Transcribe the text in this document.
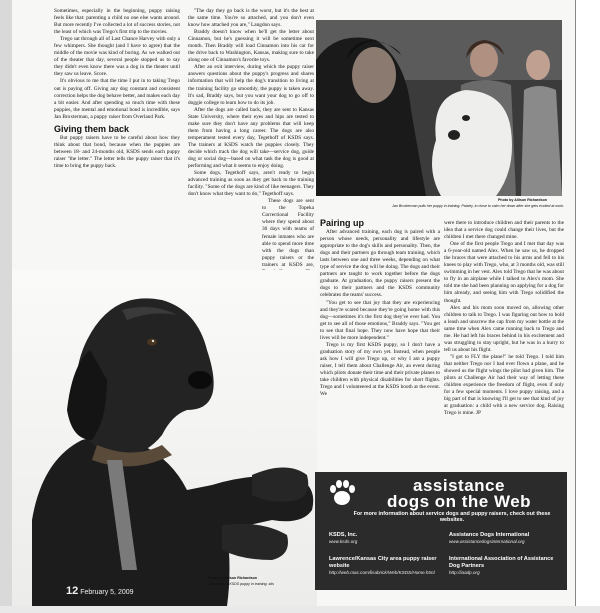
Sometimes, especially in the beginning, puppy raising feels like that: parenting a child no one else wants around. But more recently I've collected a lot of success stories, not the least of which was Trego's first trip to the movies.

Trego sat through all of Last Chance Harvey with only a few whimpers. She thought (and I have to agree) that the middle of the movie was kind of boring. As we walked out of the theater that day, several people stopped us to say they didn't even know there was a dog in the theater until they saw us leave. Score.

It's obvious to me that the time I put in to taking Trego out is paying off. Giving any dog constant and consistent correction helps the dog behave better, and makes each day a bit easier. And after spending so much time with these puppies, the mental and emotional bond is incredible, says Jan Broxterman, a puppy raiser from Overland Park.

Giving them back

But puppy raisers have to be careful about how they think about that bond, because when the puppies are between 18- and 24-months old, KSDS sends each puppy raiser "the letter." The letter tells the puppy raiser that it's time to bring the puppy back.

"The day they go back is the worst, but it's the best at the same time. You're so attached, and you don't even know how attached you are," Langdon says.

Braddy doesn't know when he'll get the letter about Cinnamon, but he's guessing it will be sometime next month. Then Braddy will load Cinnamon into his car for the drive back to Washington, Kansas, making sure to take along one of Cinnamon's favorite toys.

After an exit interview, during which the puppy raiser answers questions about the puppy's progress and shares information that will help the dog's transition to living at the training facility go smoothly, the puppy is taken away. It's sad, Braddy says, but you want your dog to go off to doggie college to learn how to do its job.

After the dogs are called back, they are sent to Kansas State University, where their eyes and hips are tested to make sure they don't have any problems that will keep them from having a long career. The dogs are also temperament tested every day, Tegethoff of KSDS says. The trainers at KSDS watch the puppies closely. They decide which track the dog will take—service dog, guide dog or social dog—based on what task the dog is good at performing and what it seems to enjoy doing.

Some dogs, Tegethoff says, aren't ready to begin advanced training as soon as they get back to the training facility. "Some of the dogs are kind of like teenagers. They don't know what they want to do," Tegethoff says.

These dogs are sent to the Topeka Correctional Facility where they spend about 30 days with teams of female inmates who are able to spend more time with the dogs than puppy raisers or the trainers at KSDS are,

Photo by Allison Richardson
Cinnamon, a KSDS puppy in training, sits
Photo by Allison Richardson
Jan Broxterman pulls her puppy in training, Paisley, in close to calm her down after she gets excited at work.
Pairing up

After advanced training, each dog is paired with a person whose needs, personality and lifestyle are appropriate to the dog's skills and personality. Then, the dogs and their partners go through team training, which lasts between one and three weeks, depending on what type of service the dog will be doing. The dogs and their partners are taught to work together before the dogs graduate. At graduation, the puppy raisers present the dogs to their partners and the KSDS community celebrates the teams' success.

"You get to see that joy that they are experiencing and they're scared because they're going home with this dog—sometimes it's the first dog they've ever had. You get to see all of those emotions," Braddy says. "You get to see that final hope. They now have hope that their lives will be more independent."

Trego is my first KSDS puppy, so I don't have a graduation story of my own yet. Instead, when people ask how I will give Trego up, or why I am a puppy raiser, I tell them about Challenge Air, an event during which pilots donate their time and their private planes to take children with physical disabilities for short flights. Trego and I volunteered at the KSDS booth at the event. We

were there to introduce children and their parents to the idea that a service dog could change their lives, but the children I met there changed mine.

One of the first people Trego and I met that day was a 6-year-old named Alex. When he saw us, he dropped the braces that were attached to his arms and fell to his knees to play with Trego, who, at 3 months old, was still swimming in her vest. Alex told Trego that he was about to fly in an airplane while I talked to Alex's mom. She told me she had been planning on applying for a dog for him already, and seeing him with Trego solidified the thought.

Alex and his mom soon moved on, allowing other children to talk to Trego. I was figuring out how to hold a leash and unscrew the cap from my water bottle at the same time when Alex came running back to Trego and me. He had left his braces behind in his excitement and was struggling to stay upright, but he was in a hurry to tell us about his flight.

"I got to FLY the plane!" he told Trego. I told him that neither Trego nor I had ever flown a plane, and he showed us the flight wings the pilot had given him. The pilots at Challenge Air had their way of letting these children experience the freedom of flight, even if only for a few special moments. I love puppy raising, and a big part of that is knowing I'll get to see that kind of joy at graduation: a child with a new service dog. Raising Trego is mine. JP

assistance
dogs on the Web
For more information about service dogs and puppy raisers, check out these websites.
KSDS, Inc.
www.ksds.org
Assistance Dogs International
www.assistancedogsinternational.org
Lawrence/Kansas City area puppy raiser website
http://web.mac.com/lisabrick/Web/KSDS/Home.html
International Association of Assistance Dog Partners
http://iaadp.org
12 February 5, 2009
